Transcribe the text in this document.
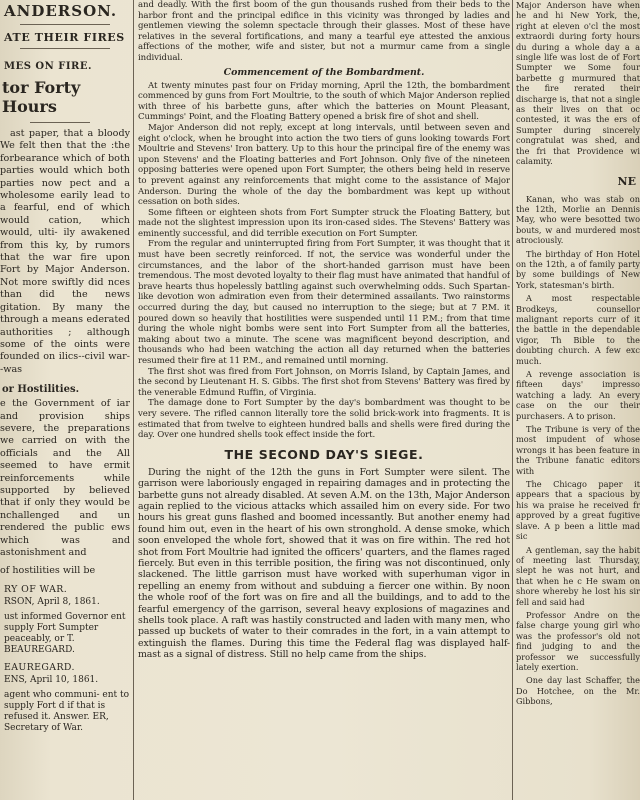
ANDERSON.
ATE THEIR FIRES
MES ON FIRE.
tor Forty Hours

ast paper, that a bloody We felt then that the :the forbearance which of both parties would which both parties now pect and a wholesome earily lead to a fearful, end of which would cation, which would, ulti- ily awakened from this ky, by rumors that the war fire upon Fort by Major Anderson. Not more swiftly did nces than did the news gitation. By many the through a means ederated authorities ; although some of the oints were founded on ilics--civil war--was

or Hostilities.

e the Government of iar and provision ships severe, the preparations we carried on with the officials and the All seemed to have ermit reinforcements while supported by believed that if only they would be nchallenged and un rendered the public ews which was and astonishment and

of hostilities will be

RY OF WAR.
RSON, April 8, 1861.
ust informed Governor ent supply Fort Sumpter peaceably, or T. BEAUREGARD.
EAUREGARD.
ENS, April 10, 1861.
agent who communi- ent to supply Fort d if that is refused it. Answer. ER, Secretary of War.

and deadly. With the first boom of the gun thousands rushed from their beds to the harbor front and the principal edifice in this vicinity was thronged by ladies and gentlemen viewing the solemn spectacle through their glasses. Most of these have relatives in the several fortifications, and many a tearful eye attested the anxious affections of the mother, wife and sister, but not a murmur came from a single individual.

Commencement of the Bombardment.

At twenty minutes past four on Friday morning, April the 12th, the bombardment commenced by guns from Fort Moultrie, to the south of which Major Anderson replied with three of his barbette guns, after which the batteries on Mount Pleasant, Cummings' Point, and the Floating Battery opened a brisk fire of shot and shell.

Major Anderson did not reply, except at long intervals, until between seven and eight o'clock, when he brought into action the two tiers of guns looking towards Fort Moultrie and Stevens' Iron battery. Up to this hour the principal fire of the enemy was upon Stevens' and the Floating batteries and Fort Johnson. Only five of the nineteen opposing batteries were opened upon Fort Sumpter, the others being held in reserve to prevent against any reinforcements that might come to the assistance of Major Anderson. During the whole of the day the bombardment was kept up without cessation on both sides.

Some fifteen or eighteen shots from Fort Sumpter struck the Floating Battery, but made not the slightest impression upon its iron-cased sides. The Stevens' Battery was eminently successful, and did terrible execution on Fort Sumpter.

From the regular and uninterrupted firing from Fort Sumpter, it was thought that it must have been secretly reinforced. If not, the service was wonderful under the circumstances, and the labor of the short-handed garrison must have been tremendous. The most devoted loyalty to their flag must have animated that handful of brave hearts thus hopelessly battling against such overwhelming odds. Such Spartan-like devotion won admiration even from their determined assailants. Two rainstorms occurred during the day, but caused no interruption to the siege; but at 7 P.M. it poured down so heavily that hostilities were suspended until 11 P.M.; from that time during the whole night bombs were sent into Fort Sumpter from all the batteries, making about two a minute. The scene was magnificent beyond description, and thousands who had been watching the action all day returned when the batteries resumed their fire at 11 P.M., and remained until morning.

The first shot was fired from Fort Johnson, on Morris Island, by Captain James, and the second by Lieutenant H. S. Gibbs. The first shot from Stevens' Battery was fired by the venerable Edmund Ruffin, of Virginia.

The damage done to Fort Sumpter by the day's bombardment was thought to be very severe. The rifled cannon literally tore the solid brick-work into fragments. It is estimated that from twelve to eighteen hundred balls and shells were fired during the day. Over one hundred shells took effect inside the fort.

THE SECOND DAY'S SIEGE.

During the night of the 12th the guns in Fort Sumpter were silent. The garrison were laboriously engaged in repairing damages and in protecting the barbette guns not already disabled. At seven A.M. on the 13th, Major Anderson again replied to the vicious attacks which assailed him on every side. For two hours his great guns flashed and boomed incessantly. But another enemy had found him out, even in the heart of his own stronghold. A dense smoke, which soon enveloped the whole fort, showed that it was on fire within. The red hot shot from Fort Moultrie had ignited the officers' quarters, and the flames raged fiercely. But even in this terrible position, the firing was not discontinued, only slackened. The little garrison must have worked with superhuman vigor in repelling an enemy from without and subduing a fiercer one within. By noon the whole roof of the fort was on fire and all the buildings, and to add to the fearful emergency of the garrison, several heavy explosions of magazines and shells took place. A raft was hastily constructed and laden with many men, who passed up buckets of water to their comrades in the fort, in a vain attempt to extinguish the flames. During this time the Federal flag was displayed half-mast as a signal of distress. Still no help came from the ships.

Major Anderson have when he and hi New York, the, right at eleven o'cl the most extraordi during forty hours du during a whole day a a single life was lost de of Fort Sumpter we Some four barbette g murmured that the fire rerated their discharge is, that not a single as their lives on that oc contested, it was the ers of Sumpter during sincerely congratulat was shed, and the fri that Providence wi calamity.

NE

Kanan, who was stab on the 12th, Morlie an Dennis May, who were besotted two bouts, w and murdered most atrociously.

The birthday of Hon Hotel on the 12th, a of family party by some buildings of New York, statesman's birth.

A most respectable Brodkeys, counsellor malignant reports curr of it the battle in the dependable vigor, Th Bible to the doubting church. A few exc much.

A revenge association is fifteen days' impresso watching a lady. An every case on the our their purchasers. A to prison.

The Tribune is very of the most impudent of whose wrongs it has been feature in the Tribune fanatic editors with

The Chicago paper it appears that a spacious by his wa praise he received fr approved by a great fugitive slave. A p been a little mad sic

A gentleman, say the habit of meeting last Thursday, slept he was not hurt, and that when he c He swam on shore whereby he lost his sir fell and said had

Professor Andre on the false charge young girl who was the professor's old not find judging to and the professor we successfully lately exertion.

One day last Schaffer, the Do Hotchee, on the Mr. Gibbons,
